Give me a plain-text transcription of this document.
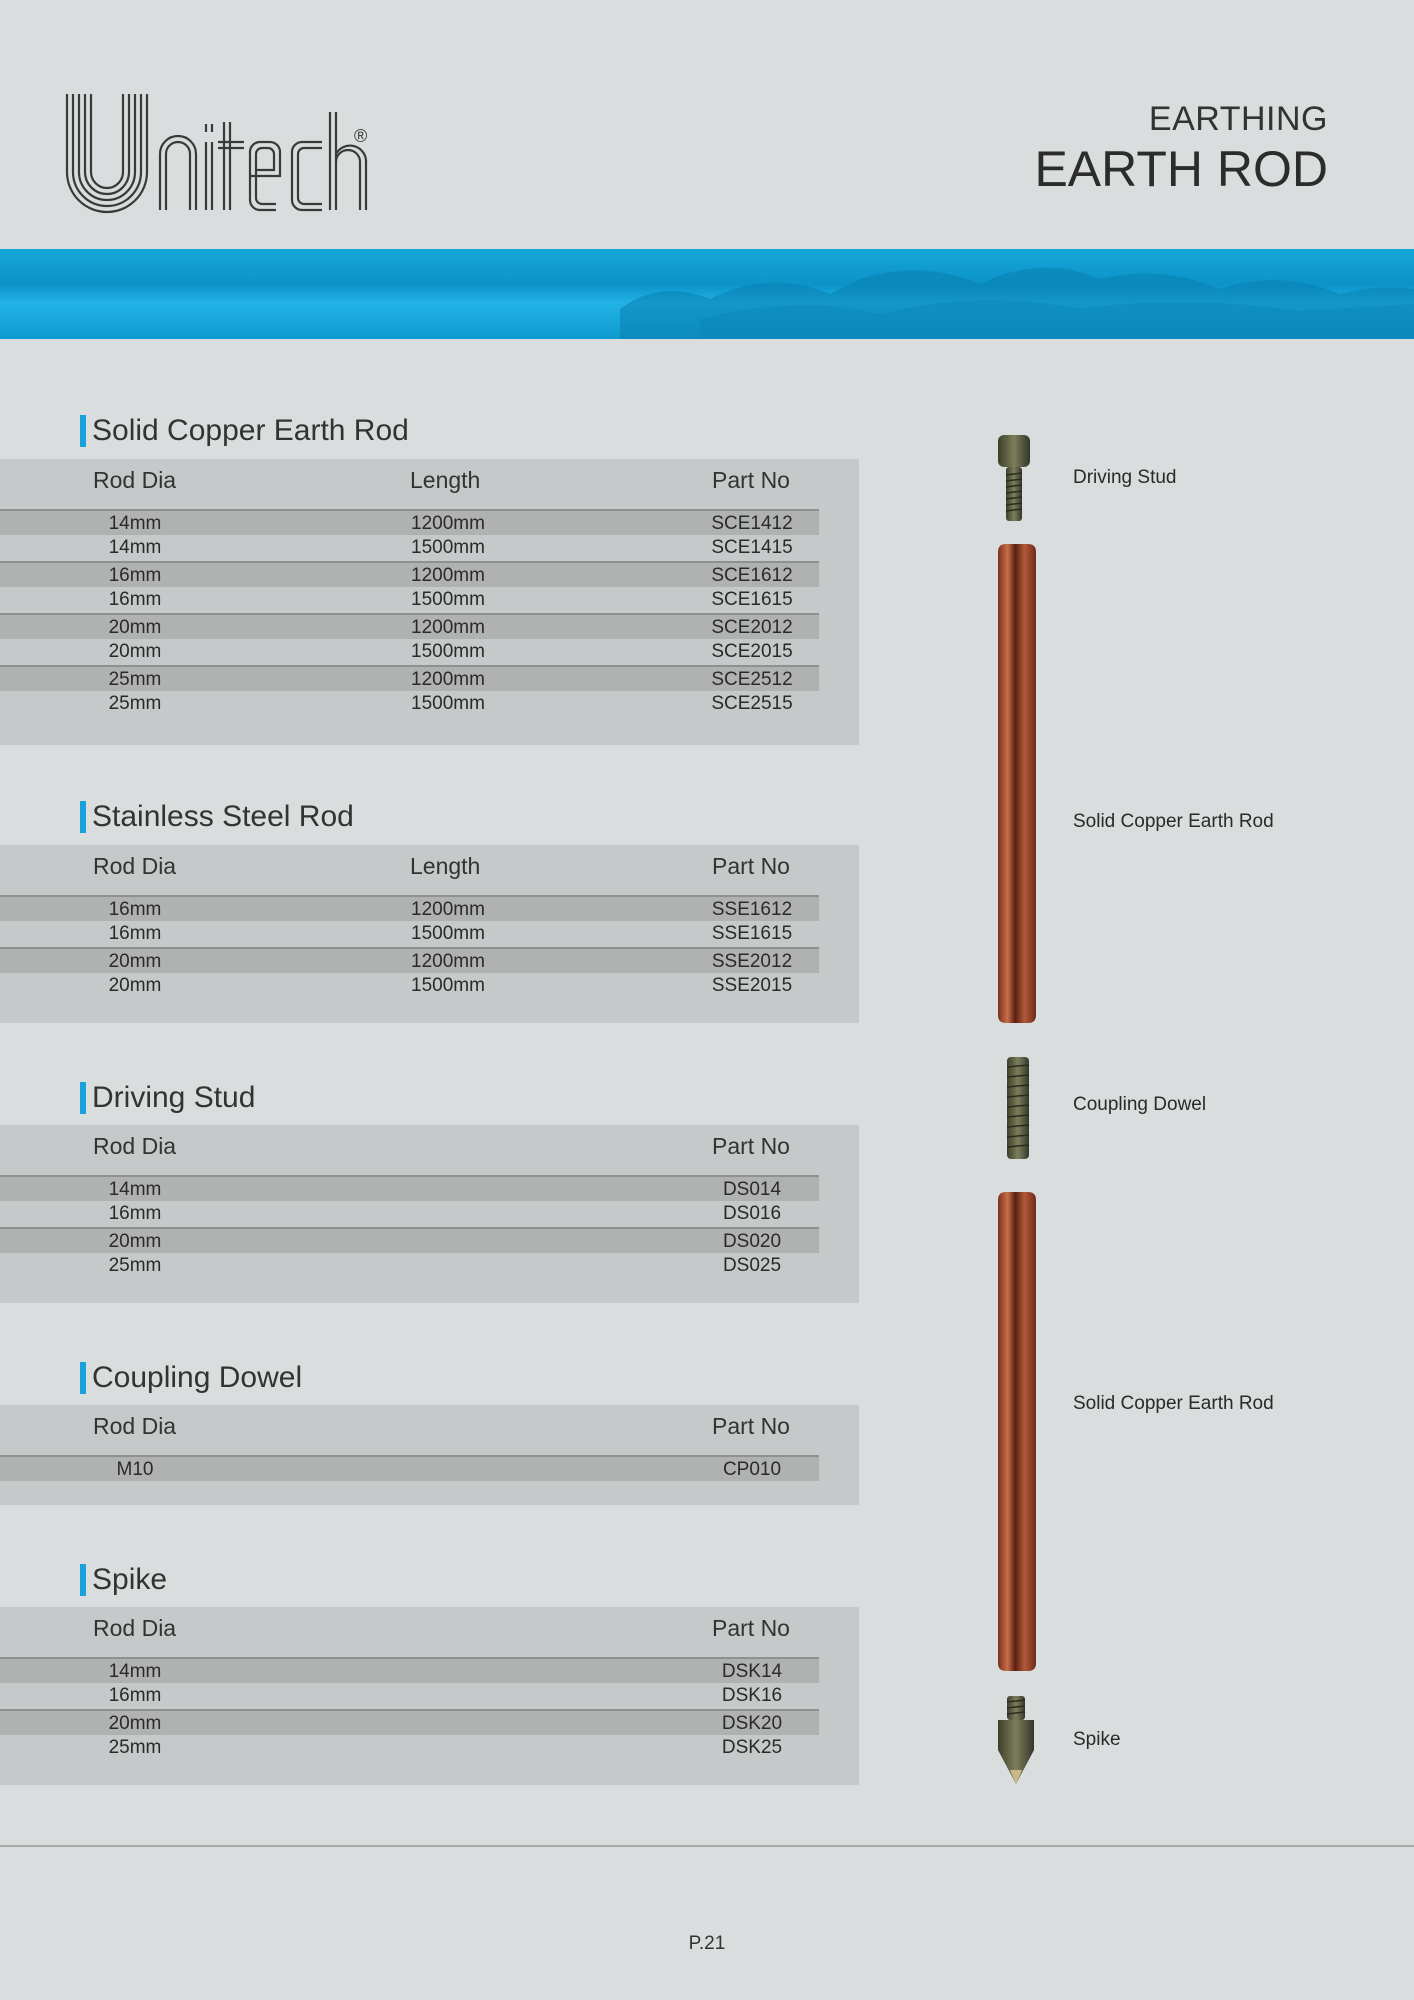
®	EARTHING
EARTH ROD
Solid Copper Earth Rod
Rod Dia	Length	Part No
14mm	1200mm	SCE1412
14mm	1500mm	SCE1415
16mm	1200mm	SCE1612
16mm	1500mm	SCE1615
20mm	1200mm	SCE2012
20mm	1500mm	SCE2015
25mm	1200mm	SCE2512
25mm	1500mm	SCE2515
Stainless Steel Rod
Rod Dia	Length	Part No
16mm	1200mm	SSE1612
16mm	1500mm	SSE1615
20mm	1200mm	SSE2012
20mm	1500mm	SSE2015
Driving Stud
Rod Dia	Part No
14mm	DS014
16mm	DS016
20mm	DS020
25mm	DS025
Coupling Dowel
Rod Dia	Part No
M10	CP010
Spike
Rod Dia	Part No
14mm	DSK14
16mm	DSK16
20mm	DSK20
25mm	DSK25
Driving Stud
Solid Copper Earth Rod
Coupling Dowel
Solid Copper Earth Rod
Spike
P.21
